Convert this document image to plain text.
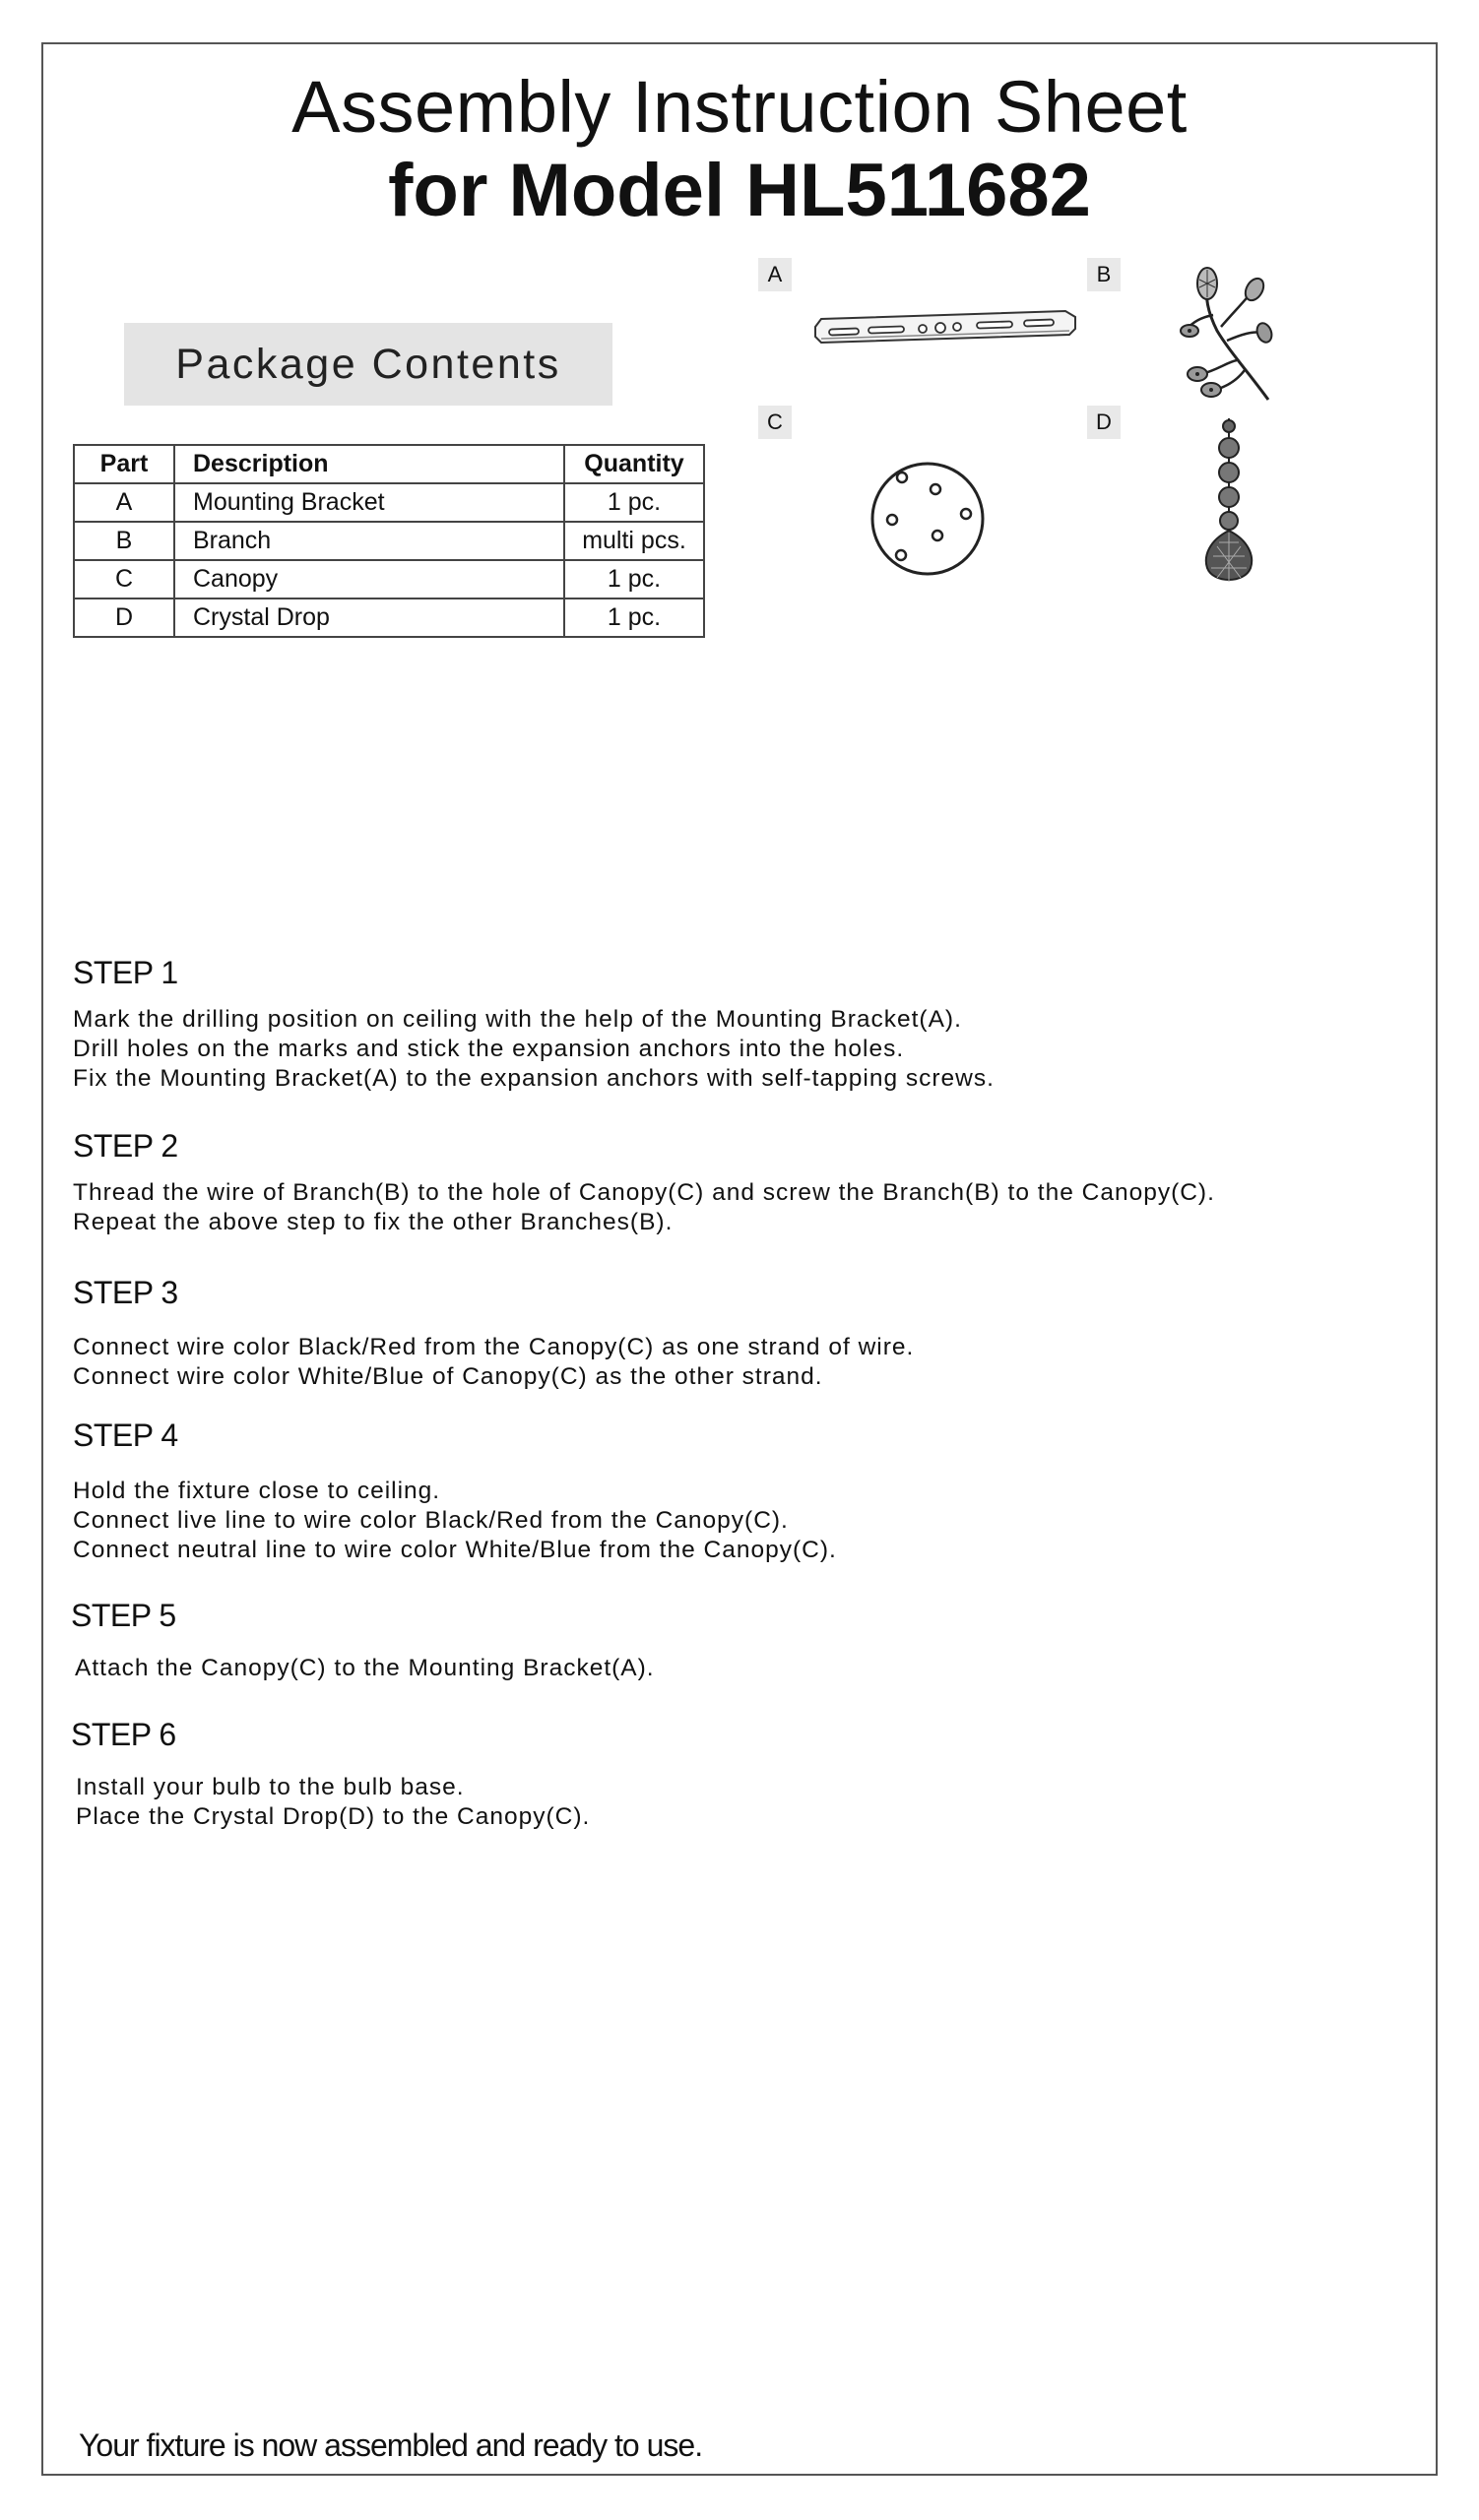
Assembly Instruction Sheet
for Model HL511682
Package Contents
Part	Description	Quantity
A	Mounting Bracket	1 pc.
B	Branch	multi pcs.
C	Canopy	1 pc.
D	Crystal Drop	1 pc.
A	B
C	D
STEP 1
Mark the drilling position on ceiling with the help of the Mounting Bracket(A).
Drill holes on the marks and stick the expansion anchors into the holes.
Fix the Mounting Bracket(A) to the expansion anchors with self-tapping screws.
STEP 2
Thread the wire of Branch(B) to the hole of Canopy(C) and screw the Branch(B) to the Canopy(C).
Repeat the above step to fix the other Branches(B).
STEP 3
Connect wire color Black/Red from the Canopy(C) as one strand of wire.
Connect wire color White/Blue of Canopy(C) as the other strand.
STEP 4
Hold the fixture close to ceiling.
Connect live line to wire color Black/Red from the Canopy(C).
Connect neutral line to wire color White/Blue from the Canopy(C).
STEP 5
Attach the Canopy(C) to the Mounting Bracket(A).
STEP 6
Install your bulb to the bulb base.
Place the Crystal Drop(D) to the Canopy(C).
Your fixture is now assembled and ready to use.
